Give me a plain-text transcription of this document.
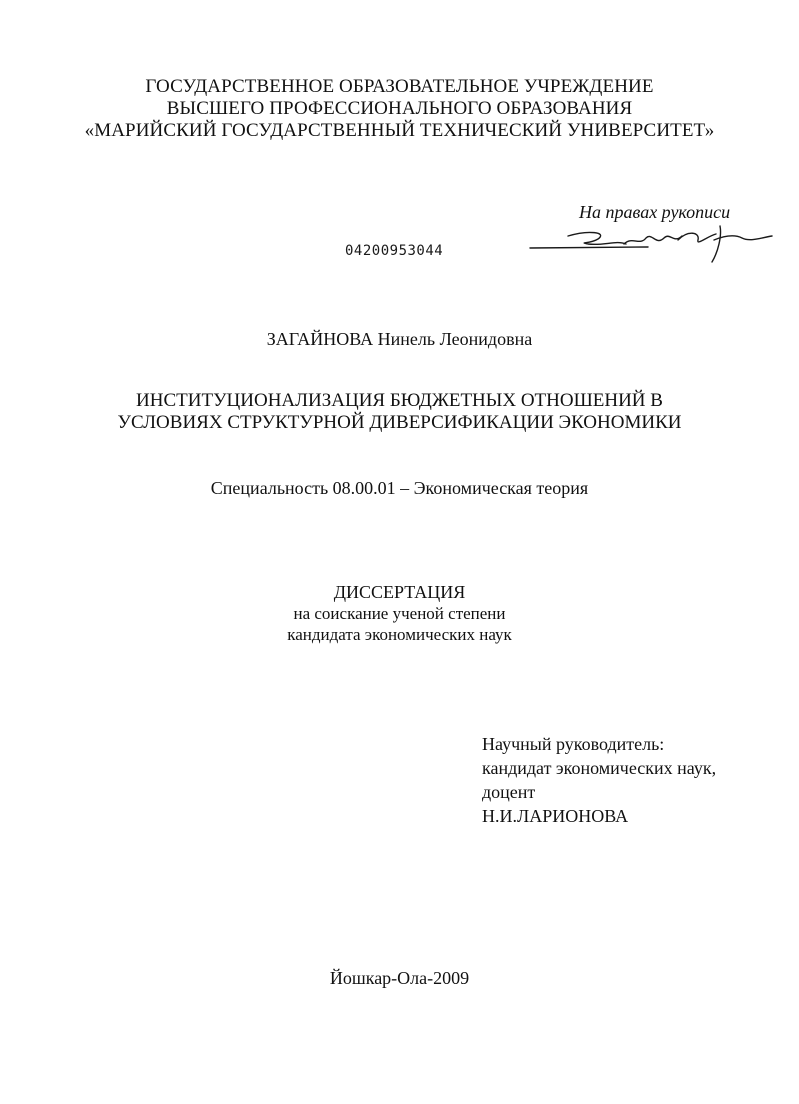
ГОСУДАРСТВЕННОЕ ОБРАЗОВАТЕЛЬНОЕ УЧРЕЖДЕНИЕ
ВЫСШЕГО ПРОФЕССИОНАЛЬНОГО ОБРАЗОВАНИЯ
«МАРИЙСКИЙ ГОСУДАРСТВЕННЫЙ ТЕХНИЧЕСКИЙ УНИВЕРСИТЕТ»
На правах рукописи
04200953044
ЗАГАЙНОВА Нинель Леонидовна
ИНСТИТУЦИОНАЛИЗАЦИЯ БЮДЖЕТНЫХ ОТНОШЕНИЙ В
УСЛОВИЯХ СТРУКТУРНОЙ ДИВЕРСИФИКАЦИИ ЭКОНОМИКИ
Специальность 08.00.01 – Экономическая теория
ДИССЕРТАЦИЯ
на соискание ученой степени
кандидата экономических наук
Научный руководитель:
кандидат экономических наук,
доцент
Н.И.ЛАРИОНОВА
Йошкар-Ола-2009
